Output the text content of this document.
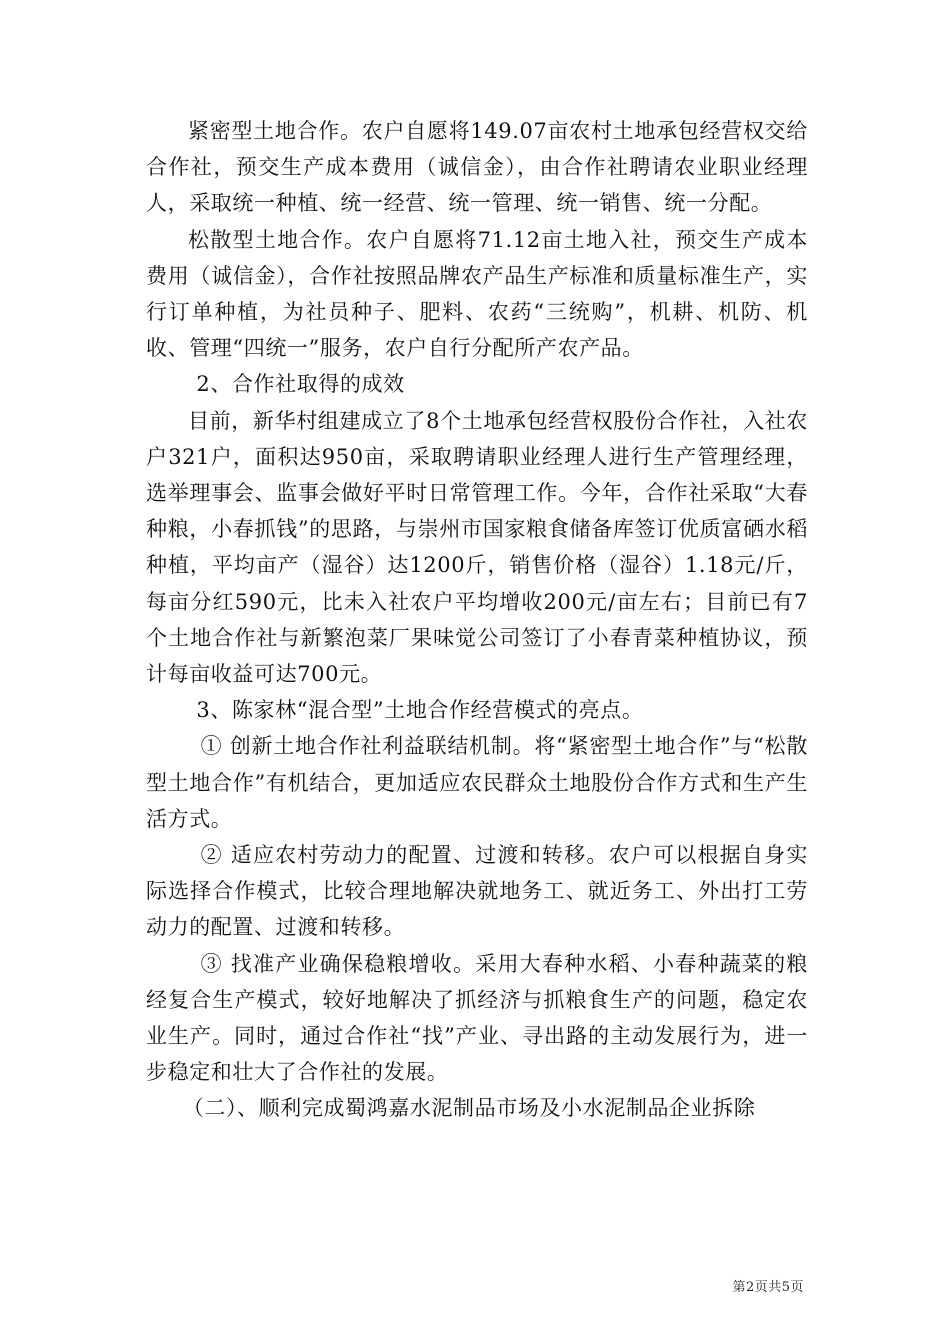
紧密型土地合作。农户自愿将149.07亩农村土地承包经营权交给合作社，预交生产成本费用（诚信金），由合作社聘请农业职业经理人，采取统一种植、统一经营、统一管理、统一销售、统一分配。

松散型土地合作。农户自愿将71.12亩土地入社，预交生产成本费用（诚信金），合作社按照品牌农产品生产标准和质量标准生产，实行订单种植，为社员种子、肥料、农药“三统购”，机耕、机防、机收、管理“四统一”服务，农户自行分配所产农产品。

2、合作社取得的成效

目前，新华村组建成立了8个土地承包经营权股份合作社，入社农户321户，面积达950亩，采取聘请职业经理人进行生产管理经理，选举理事会、监事会做好平时日常管理工作。今年，合作社采取“大春种粮，小春抓钱”的思路，与崇州市国家粮食储备库签订优质富硒水稻种植，平均亩产（湿谷）达1200斤，销售价格（湿谷）1.18元/斤，每亩分红590元，比未入社农户平均增收200元/亩左右；目前已有7个土地合作社与新繁泡菜厂果味觉公司签订了小春青菜种植协议，预计每亩收益可达700元。

3、陈家林“混合型”土地合作经营模式的亮点。

① 创新土地合作社利益联结机制。将“紧密型土地合作”与“松散型土地合作”有机结合，更加适应农民群众土地股份合作方式和生产生活方式。

② 适应农村劳动力的配置、过渡和转移。农户可以根据自身实际选择合作模式，比较合理地解决就地务工、就近务工、外出打工劳动力的配置、过渡和转移。

③ 找准产业确保稳粮增收。采用大春种水稻、小春种蔬菜的粮经复合生产模式，较好地解决了抓经济与抓粮食生产的问题，稳定农业生产。同时，通过合作社“找”产业、寻出路的主动发展行为，进一步稳定和壮大了合作社的发展。

（二）、顺利完成蜀鸿嘉水泥制品市场及小水泥制品企业拆除

第2页共5页
